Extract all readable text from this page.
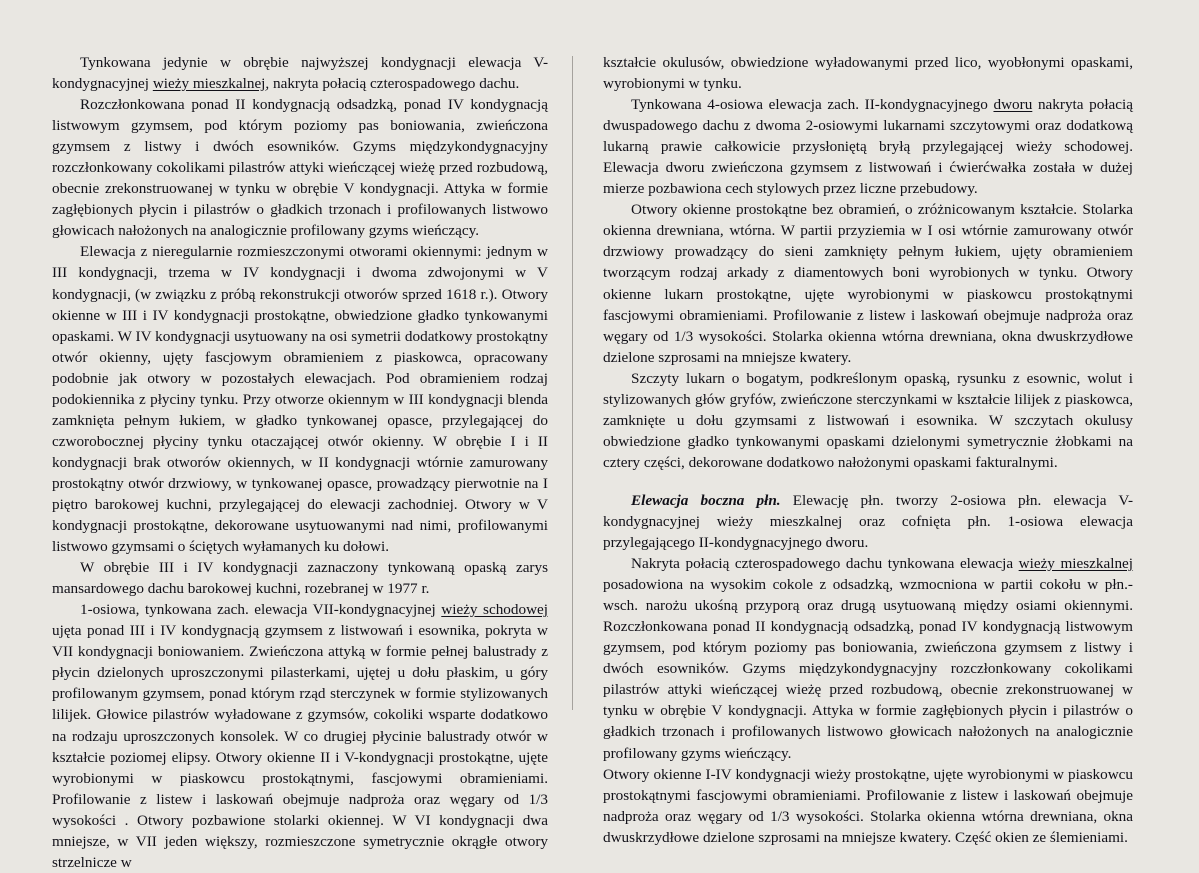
Tynkowana jedynie w obrębie najwyższej kondygnacji elewacja V-kondygnacyjnej wieży mieszkalnej, nakryta połacią czterospadowego dachu.

Rozczłonkowana ponad II kondygnacją odsadzką, ponad IV kondygnacją listwowym gzymsem, pod którym poziomy pas boniowania, zwieńczona gzymsem z listwy i dwóch esowników. Gzyms międzykondygnacyjny rozczłonkowany cokolikami pilastrów attyki wieńczącej wieżę przed rozbudową, obecnie zrekonstruowanej w tynku w obrębie V kondygnacji. Attyka w formie zagłębionych płycin i pilastrów o gładkich trzonach i profilowanych listwowo głowicach nałożonych na analogicznie profilowany gzyms wieńczący.

Elewacja z nieregularnie rozmieszczonymi otworami okiennymi: jednym w III kondygnacji, trzema w IV kondygnacji i dwoma zdwojonymi w V kondygnacji, (w związku z próbą rekonstrukcji otworów sprzed 1618 r.). Otwory okienne w III i IV kondygnacji prostokątne, obwiedzione gładko tynkowanymi opaskami. W IV kondygnacji usytuowany na osi symetrii dodatkowy prostokątny otwór okienny, ujęty fascjowym obramieniem z piaskowca, opracowany podobnie jak otwory w pozostałych elewacjach. Pod obramieniem rodzaj podokiennika z płyciny tynku. Przy otworze okiennym w III kondygnacji blenda zamknięta pełnym łukiem, w gładko tynkowanej opasce, przylegającej do czworobocznej płyciny tynku otaczającej otwór okienny. W obrębie I i II kondygnacji brak otworów okiennych, w II kondygnacji wtórnie zamurowany prostokątny otwór drzwiowy, w tynkowanej opasce, prowadzący pierwotnie na I piętro barokowej kuchni, przylegającej do elewacji zachodniej. Otwory w V kondygnacji prostokątne, dekorowane usytuowanymi nad nimi, profilowanymi listwowo gzymsami o ściętych wyłamanych ku dołowi.

W obrębie III i IV kondygnacji zaznaczony tynkowaną opaską zarys mansardowego dachu barokowej kuchni, rozebranej w 1977 r.

1-osiowa, tynkowana zach. elewacja VII-kondygnacyjnej wieży schodowej ujęta ponad III i IV kondygnacją gzymsem z listwowań i esownika, pokryta w VII kondygnacji boniowaniem. Zwieńczona attyką w formie pełnej balustrady z płycin dzielonych uproszczonymi pilasterkami, ujętej u dołu płaskim, u góry profilowanym gzymsem, ponad którym rząd sterczynek w formie stylizowanych lilijek. Głowice pilastrów wyładowane z gzymsów, cokoliki wsparte dodatkowo na rodzaju uproszczonych konsolek. W co drugiej płycinie balustrady otwór w kształcie poziomej elipsy. Otwory okienne II i V-kondygnacji prostokątne, ujęte wyrobionymi w piaskowcu prostokątnymi, fascjowymi obramieniami. Profilowanie z listew i laskowań obejmuje nadproża oraz węgary od 1/3 wysokości . Otwory pozbawione stolarki okiennej. W VI kondygnacji dwa mniejsze, w VII jeden większy, rozmieszczone symetrycznie okrągłe otwory strzelnicze w

kształcie okulusów, obwiedzione wyładowanymi przed lico, wyobłonymi opaskami, wyrobionymi w tynku.

Tynkowana 4-osiowa elewacja zach. II-kondygnacyjnego dworu nakryta połacią dwuspadowego dachu z dwoma 2-osiowymi lukarnami szczytowymi oraz dodatkową lukarną prawie całkowicie przysłoniętą bryłą przylegającej wieży schodowej. Elewacja dworu zwieńczona gzymsem z listwowań i ćwierćwałka została w dużej mierze pozbawiona cech stylowych przez liczne przebudowy.

Otwory okienne prostokątne bez obramień, o zróżnicowanym kształcie. Stolarka okienna drewniana, wtórna. W partii przyziemia w I osi wtórnie zamurowany otwór drzwiowy prowadzący do sieni zamknięty pełnym łukiem, ujęty obramieniem tworzącym rodzaj arkady z diamentowych boni wyrobionych w tynku. Otwory okienne lukarn prostokątne, ujęte wyrobionymi w piaskowcu prostokątnymi fascjowymi obramieniami. Profilowanie z listew i laskowań obejmuje nadproża oraz węgary od 1/3 wysokości. Stolarka okienna wtórna drewniana, okna dwuskrzydłowe dzielone szprosami na mniejsze kwatery.

Szczyty lukarn o bogatym, podkreślonym opaską, rysunku z esownic, wolut i stylizowanych głów gryfów, zwieńczone sterczynkami w kształcie lilijek z piaskowca, zamknięte u dołu gzymsami z listwowań i esownika. W szczytach okulusy obwiedzione gładko tynkowanymi opaskami dzielonymi symetrycznie żłobkami na cztery części, dekorowane dodatkowo nałożonymi opaskami fakturalnymi.

Elewacja boczna płn. Elewację płn. tworzy 2-osiowa płn. elewacja V-kondygnacyjnej wieży mieszkalnej oraz cofnięta płn. 1-osiowa elewacja przylegającego II-kondygnacyjnego dworu.

Nakryta połacią czterospadowego dachu tynkowana elewacja wieży mieszkalnej posadowiona na wysokim cokole z odsadzką, wzmocniona w partii cokołu w płn.-wsch. narożu ukośną przyporą oraz drugą usytuowaną między osiami okiennymi. Rozczłonkowana ponad II kondygnacją odsadzką, ponad IV kondygnacją listwowym gzymsem, pod którym poziomy pas boniowania, zwieńczona gzymsem z listwy i dwóch esowników. Gzyms międzykondygnacyjny rozczłonkowany cokolikami pilastrów attyki wieńczącej wieżę przed rozbudową, obecnie zrekonstruowanej w tynku w obrębie V kondygnacji. Attyka w formie zagłębionych płycin i pilastrów o gładkich trzonach i profilowanych listwowo głowicach nałożonych na analogicznie profilowany gzyms wieńczący.

Otwory okienne I-IV kondygnacji wieży prostokątne, ujęte wyrobionymi w piaskowcu prostokątnymi fascjowymi obramieniami. Profilowanie z listew i laskowań obejmuje nadproża oraz węgary od 1/3 wysokości. Stolarka okienna wtórna drewniana, okna dwuskrzydłowe dzielone szprosami na mniejsze kwatery. Część okien ze ślemieniami.
